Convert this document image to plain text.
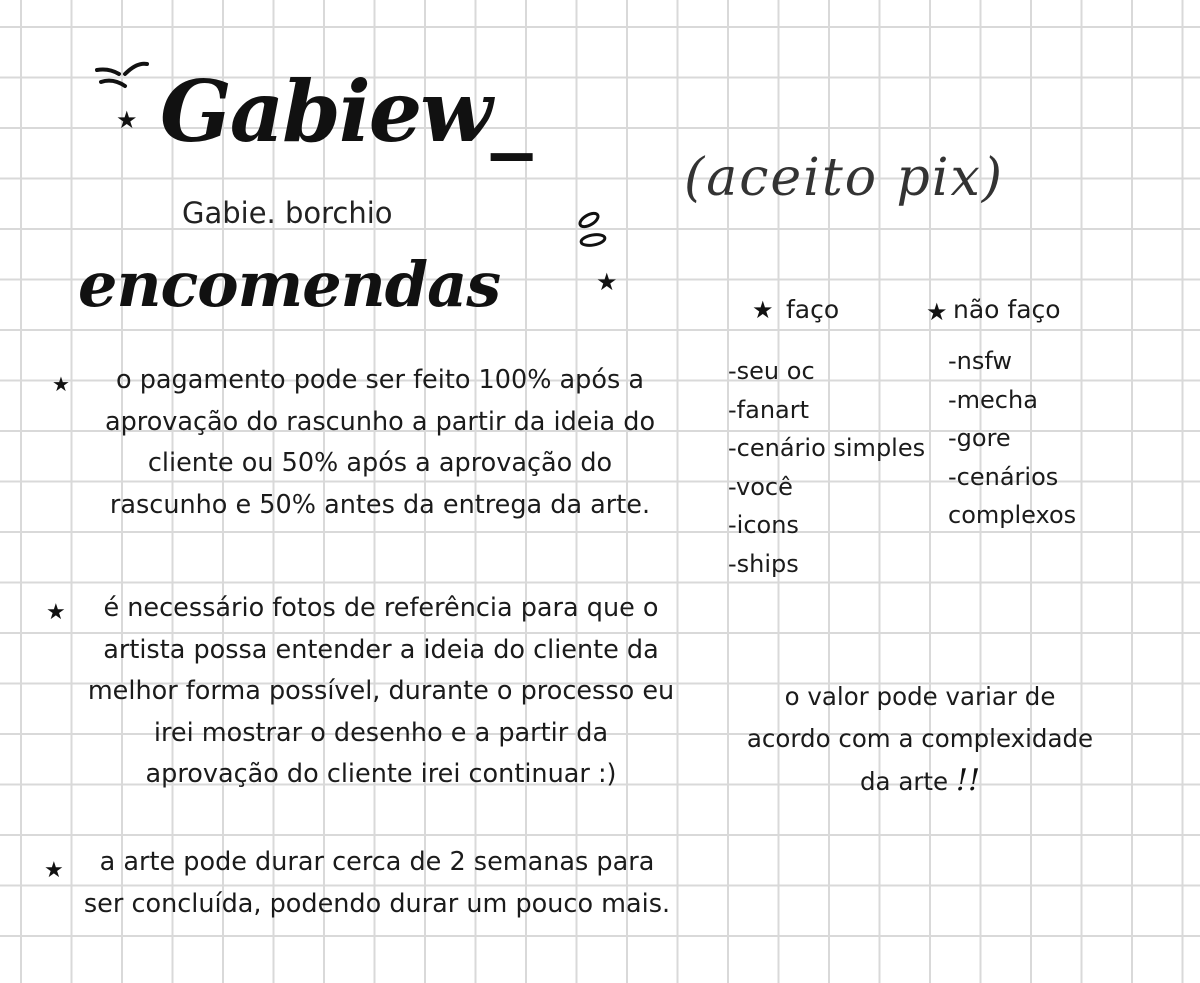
★ Gabiew_
Gabie. borchio
encomendas	★
(aceito pix)
★	o pagamento pode ser feito 100% após a
aprovação do rascunho a partir da ideia do
cliente ou 50% após a aprovação do
rascunho e 50% antes da entrega da arte.
★	é necessário fotos de referência para que o
artista possa entender a ideia do cliente da
melhor forma possível, durante o processo eu
irei mostrar o desenho e a partir da
aprovação do cliente irei continuar :)
★	a arte pode durar cerca de 2 semanas para
ser concluída, podendo durar um pouco mais.
★ faço	★ não faço
-seu oc
-fanart
-cenário simples
-você
-icons
-ships
-nsfw
-mecha
-gore
-cenários
complexos
o valor pode variar de
acordo com a complexidade
da arte !!
